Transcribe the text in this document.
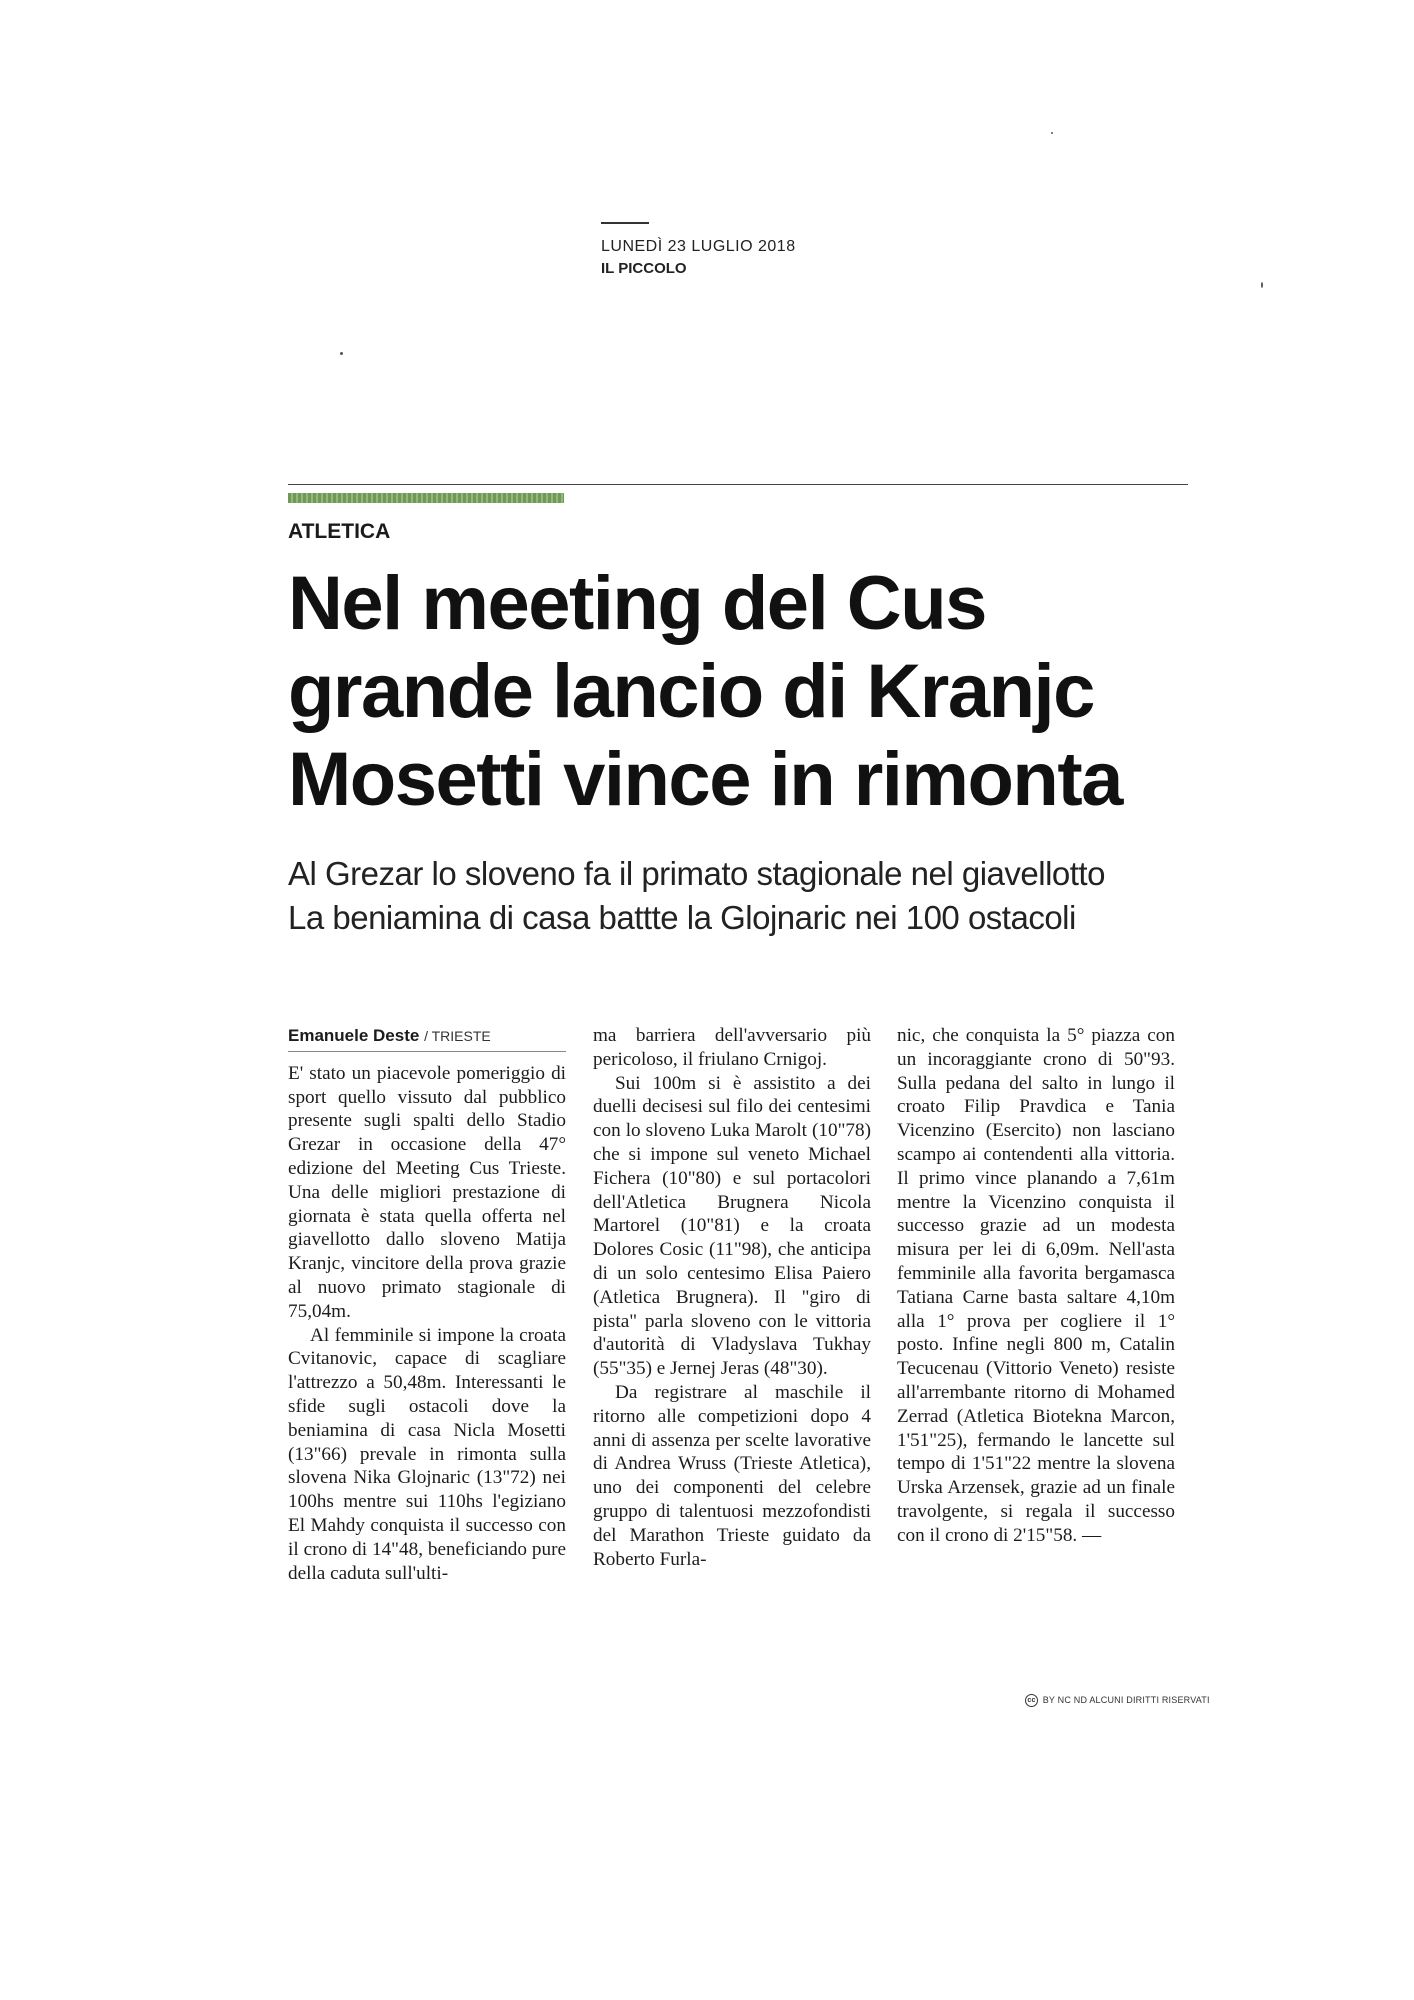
LUNEDÌ 23 LUGLIO 2018
IL PICCOLO
ATLETICA
Nel meeting del Cus
grande lancio di Kranjc
Mosetti vince in rimonta
Al Grezar lo sloveno fa il primato stagionale nel giavellotto
La beniamina di casa battte la Glojnaric nei 100 ostacoli
Emanuele Deste / TRIESTE

E' stato un piacevole pomeriggio di sport quello vissuto dal pubblico presente sugli spalti dello Stadio Grezar in occasione della 47° edizione del Meeting Cus Trieste. Una delle migliori prestazione di giornata è stata quella offerta nel giavellotto dallo sloveno Matija Kranjc, vincitore della prova grazie al nuovo primato stagionale di 75,04m.

Al femminile si impone la croata Cvitanovic, capace di scagliare l'attrezzo a 50,48m. Interessanti le sfide sugli ostacoli dove la beniamina di casa Nicla Mosetti (13"66) prevale in rimonta sulla slovena Nika Glojnaric (13"72) nei 100hs mentre sui 110hs l'egiziano El Mahdy conquista il successo con il crono di 14"48, beneficiando pure della caduta sull'ulti-

ma barriera dell'avversario più pericoloso, il friulano Crnigoj.

Sui 100m si è assistito a dei duelli decisesi sul filo dei centesimi con lo sloveno Luka Marolt (10"78) che si impone sul veneto Michael Fichera (10"80) e sul portacolori dell'Atletica Brugnera Nicola Martorel (10"81) e la croata Dolores Cosic (11"98), che anticipa di un solo centesimo Elisa Paiero (Atletica Brugnera). Il "giro di pista" parla sloveno con le vittoria d'autorità di Vladyslava Tukhay (55"35) e Jernej Jeras (48"30).

Da registrare al maschile il ritorno alle competizioni dopo 4 anni di assenza per scelte lavorative di Andrea Wruss (Trieste Atletica), uno dei componenti del celebre gruppo di talentuosi mezzofondisti del Marathon Trieste guidato da Roberto Furla-

nic, che conquista la 5° piazza con un incoraggiante crono di 50"93. Sulla pedana del salto in lungo il croato Filip Pravdica e Tania Vicenzino (Esercito) non lasciano scampo ai contendenti alla vittoria. Il primo vince planando a 7,61m mentre la Vicenzino conquista il successo grazie ad un modesta misura per lei di 6,09m. Nell'asta femminile alla favorita bergamasca Tatiana Carne basta saltare 4,10m alla 1° prova per cogliere il 1° posto. Infine negli 800 m, Catalin Tecucenau (Vittorio Veneto) resiste all'arrembante ritorno di Mohamed Zerrad (Atletica Biotekna Marcon, 1'51"25), fermando le lancette sul tempo di 1'51"22 mentre la slovena Urska Arzensek, grazie ad un finale travolgente, si regala il successo con il crono di 2'15"58. —

cc BY NC ND ALCUNI DIRITTI RISERVATI
